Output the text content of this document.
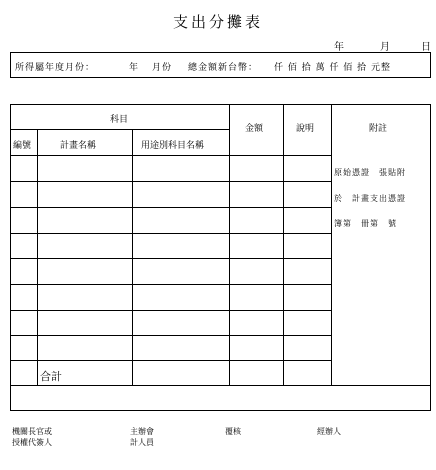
支出分攤表
年	月	日
所得屬年度月份：	年 月份 總金額新台幣： 仟 佰 拾 萬 仟 佰 拾 元整
科目
金額	說明	附註
編號	計畫名稱	用途別科目名稱
原始憑證　張貼附
於　計畫支出憑證
簿第　冊第　號
合計
機關長官或
授權代簽人
主辦會
計人員
覆核	經辦人
